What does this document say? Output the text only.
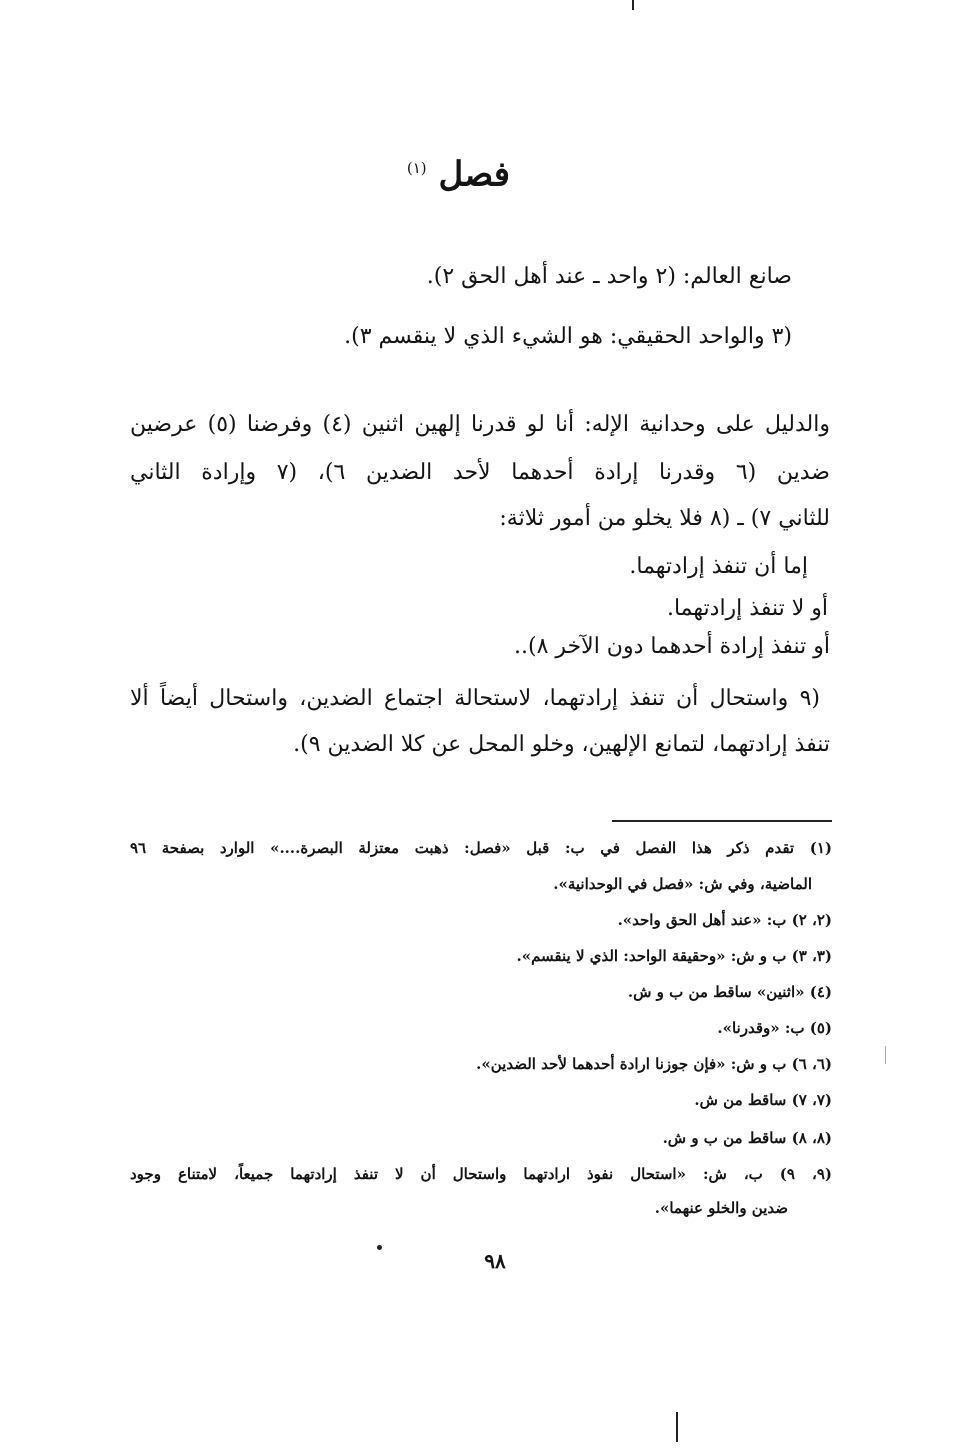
فصل $^{(١)}$
صانع العالم: (٢ واحد ـ عند أهل الحق ٢).
(٣ والواحد الحقيقي: هو الشيء الذي لا ينقسم ٣).
والدليل على وحدانية الإله: أنا لو قدرنا إلهين اثنين (٤) وفرضنا (٥) عرضين
ضدين (٦ وقدرنا إرادة أحدهما لأحد الضدين ٦)، (٧ وإرادة الثاني
للثاني ٧) ـ (٨ فلا يخلو من أمور ثلاثة:
إما أن تنفذ إرادتهما.
أو لا تنفذ إرادتهما.
أو تنفذ إرادة أحدهما دون الآخر ٨)..
(٩ واستحال أن تنفذ إرادتهما، لاستحالة اجتماع الضدين، واستحال أيضاً ألا
تنفذ إرادتهما، لتمانع الإلهين، وخلو المحل عن كلا الضدين ٩).
(١) تقدم ذكر هذا الفصل في ب: قبل «فصل: ذهبت معتزلة البصرة....» الوارد بصفحة ٩٦
الماضية، وفي ش: «فصل في الوحدانية».
(٢، ٢) ب: «عند أهل الحق واحد».
(٣، ٣) ب و ش: «وحقيقة الواحد: الذي لا ينقسم».
(٤) «اثنين» ساقط من ب و ش.
(٥) ب: «وقدرنا».
(٦، ٦) ب و ش: «فإن جوزنا ارادة أحدهما لأحد الضدين».
(٧، ٧) ساقط من ش.
(٨، ٨) ساقط من ب و ش.
(٩، ٩) ب، ش: «استحال نفوذ ارادتهما واستحال أن لا تنفذ إرادتهما جميعاً، لامتناع وجود
ضدين والخلو عنهما».
٩٨
